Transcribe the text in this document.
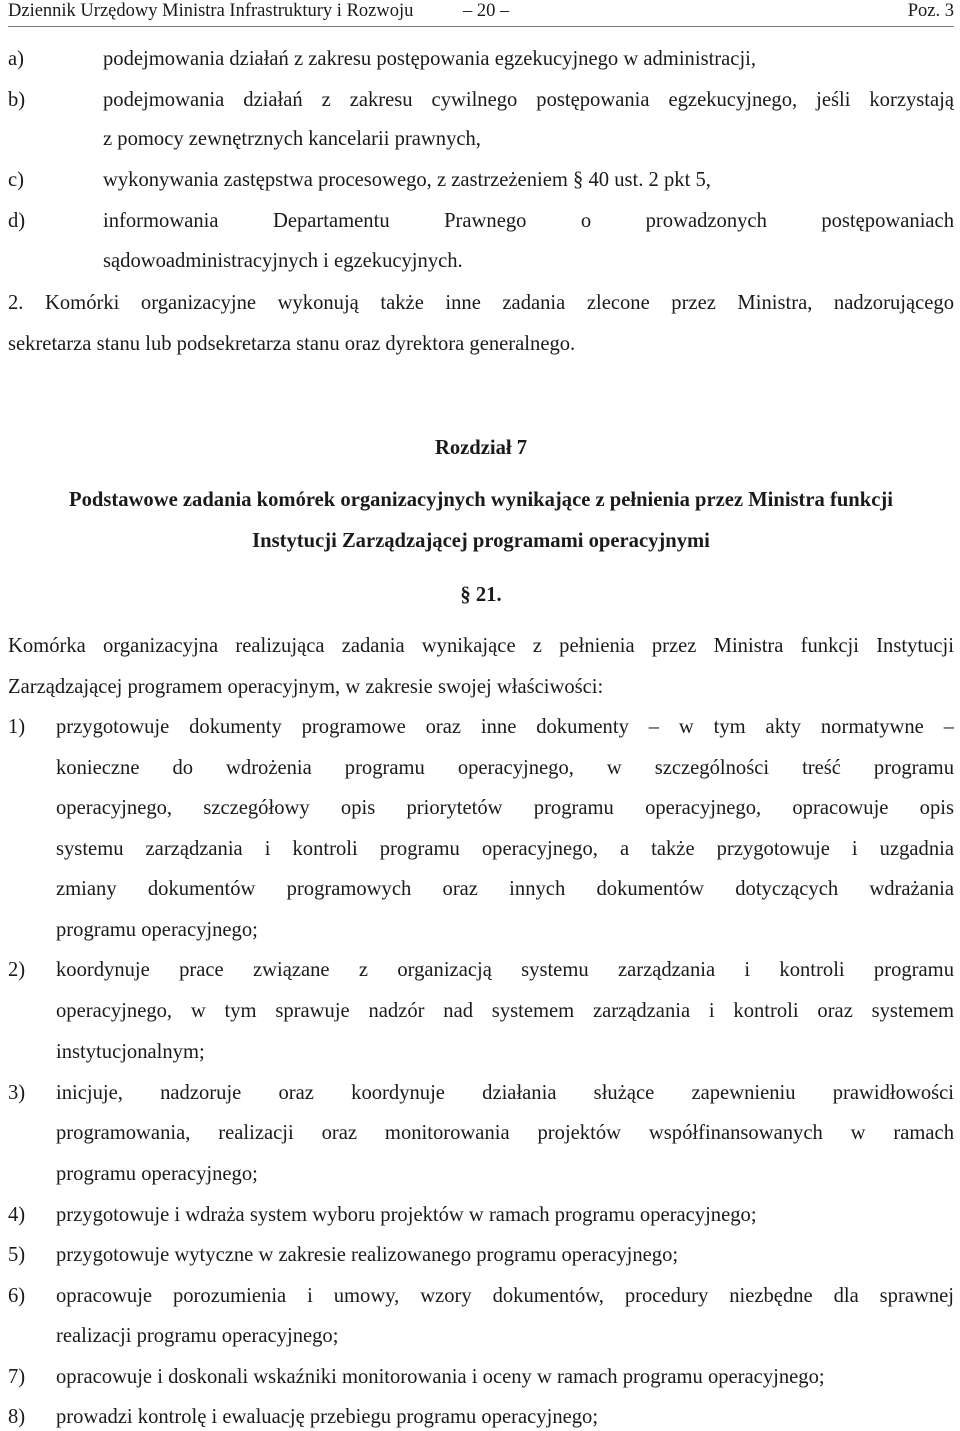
Dziennik Urzędowy Ministra Infrastruktury i Rozwoju	– 20 –	Poz. 3
a)	podejmowania działań z zakresu postępowania egzekucyjnego w administracji,
b)	podejmowania działań z zakresu cywilnego postępowania egzekucyjnego, jeśli korzystają
z pomocy zewnętrznych kancelarii prawnych,
c)	wykonywania zastępstwa procesowego, z zastrzeżeniem § 40 ust. 2 pkt 5,
d)	informowania Departamentu Prawnego o prowadzonych postępowaniach
sądowoadministracyjnych i egzekucyjnych.
2. Komórki organizacyjne wykonują także inne zadania zlecone przez Ministra, nadzorującego
sekretarza stanu lub podsekretarza stanu oraz dyrektora generalnego.
Rozdział 7
Podstawowe zadania komórek organizacyjnych wynikające z pełnienia przez Ministra funkcji
Instytucji Zarządzającej programami operacyjnymi
§ 21.
Komórka organizacyjna realizująca zadania wynikające z pełnienia przez Ministra funkcji Instytucji
Zarządzającej programem operacyjnym, w zakresie swojej właściwości:
1) przygotowuje dokumenty programowe oraz inne dokumenty – w tym akty normatywne –
konieczne do wdrożenia programu operacyjnego, w szczególności treść programu
operacyjnego, szczegółowy opis priorytetów programu operacyjnego, opracowuje opis
systemu zarządzania i kontroli programu operacyjnego, a także przygotowuje i uzgadnia
zmiany dokumentów programowych oraz innych dokumentów dotyczących wdrażania
programu operacyjnego;
2) koordynuje prace związane z organizacją systemu zarządzania i kontroli programu
operacyjnego, w tym sprawuje nadzór nad systemem zarządzania i kontroli oraz systemem
instytucjonalnym;
3) inicjuje, nadzoruje oraz koordynuje działania służące zapewnieniu prawidłowości
programowania, realizacji oraz monitorowania projektów współfinansowanych w ramach
programu operacyjnego;
4) przygotowuje i wdraża system wyboru projektów w ramach programu operacyjnego;
5) przygotowuje wytyczne w zakresie realizowanego programu operacyjnego;
6) opracowuje porozumienia i umowy, wzory dokumentów, procedury niezbędne dla sprawnej
realizacji programu operacyjnego;
7) opracowuje i doskonali wskaźniki monitorowania i oceny w ramach programu operacyjnego;
8) prowadzi kontrolę i ewaluację przebiegu programu operacyjnego;
